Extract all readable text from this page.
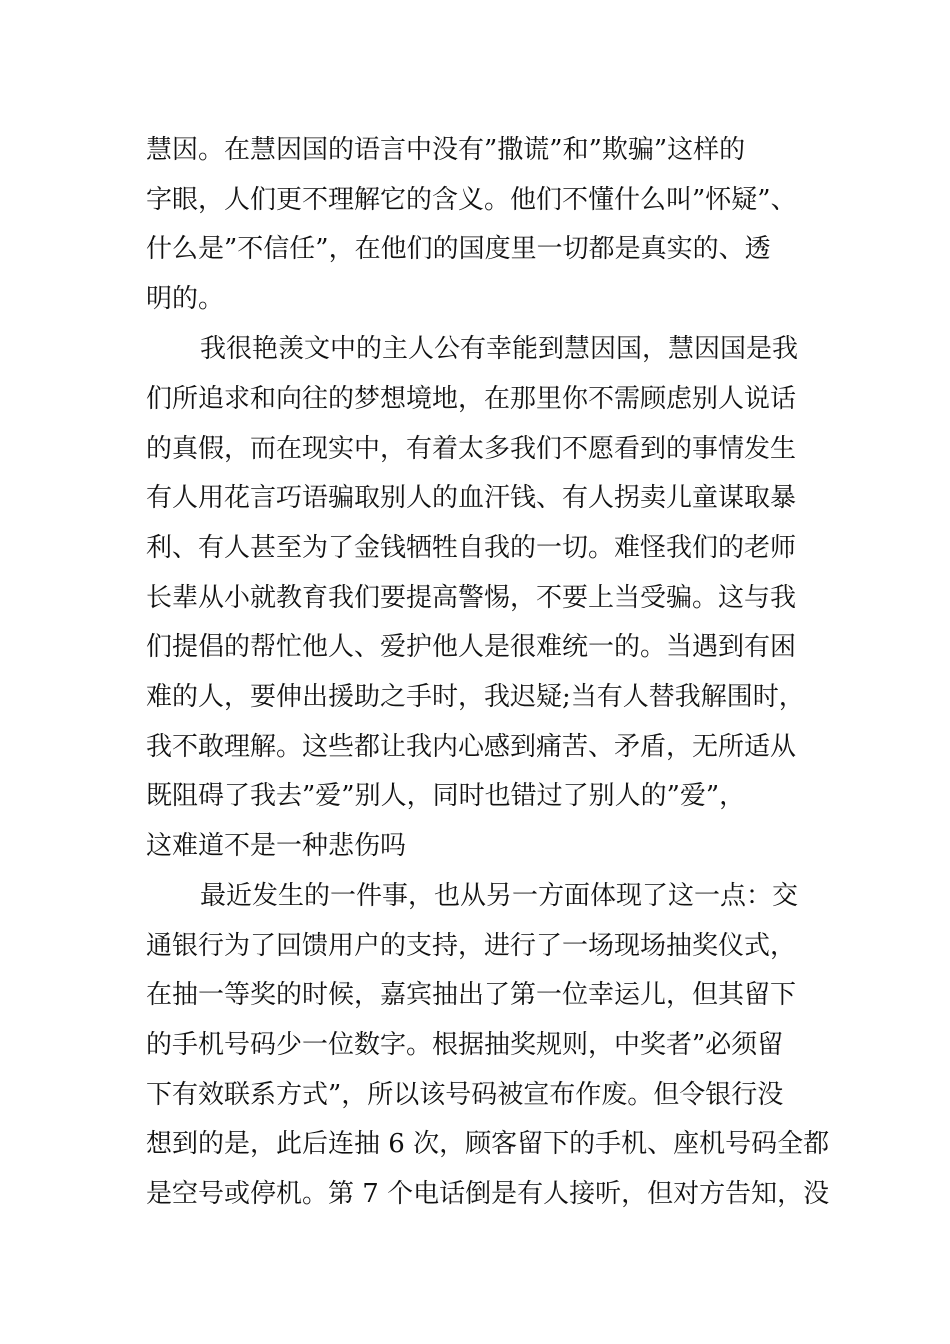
慧因。在慧因国的语言中没有”撒谎”和”欺骗”这样的
字眼，人们更不理解它的含义。他们不懂什么叫”怀疑”、
什么是”不信任”，在他们的国度里一切都是真实的、透
明的。
我很艳羡文中的主人公有幸能到慧因国，慧因国是我
们所追求和向往的梦想境地，在那里你不需顾虑别人说话
的真假，而在现实中，有着太多我们不愿看到的事情发生
有人用花言巧语骗取别人的血汗钱、有人拐卖儿童谋取暴
利、有人甚至为了金钱牺牲自我的一切。难怪我们的老师
长辈从小就教育我们要提高警惕，不要上当受骗。这与我
们提倡的帮忙他人、爱护他人是很难统一的。当遇到有困
难的人，要伸出援助之手时，我迟疑;当有人替我解围时，
我不敢理解。这些都让我内心感到痛苦、矛盾，无所适从
既阻碍了我去”爱”别人，同时也错过了别人的”爱”，
这难道不是一种悲伤吗
最近发生的一件事，也从另一方面体现了这一点：交
通银行为了回馈用户的支持，进行了一场现场抽奖仪式，
在抽一等奖的时候，嘉宾抽出了第一位幸运儿，但其留下
的手机号码少一位数字。根据抽奖规则，中奖者”必须留
下有效联系方式”，所以该号码被宣布作废。但令银行没
想到的是，此后连抽 6 次，顾客留下的手机、座机号码全都
是空号或停机。第 7 个电话倒是有人接听，但对方告知，没
